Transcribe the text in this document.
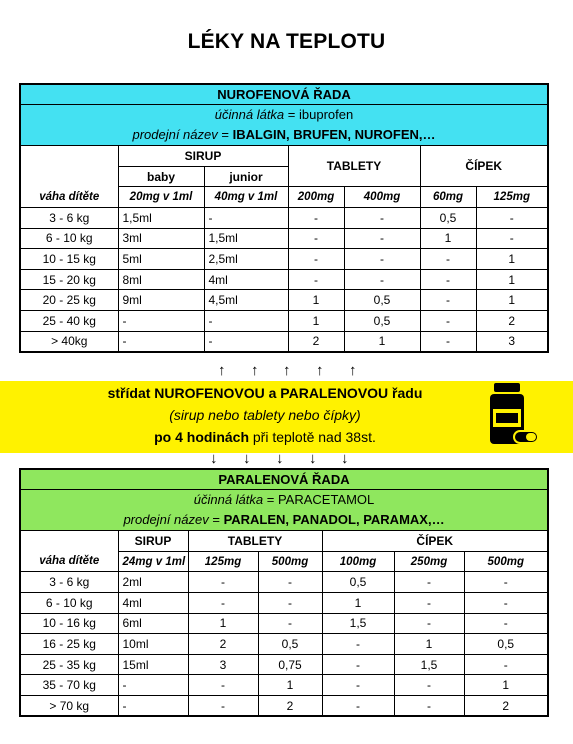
LÉKY NA TEPLOTU
NUROFENOVÁ ŘADA						
účinná látka = ibuprofen						
prodejní název = IBALGIN, BRUFEN, NUROFEN,…						
	SIRUP		TABLETY		ČÍPEK	
	baby	junior				
váha dítěte	20mg v 1ml	40mg v 1ml	200mg	400mg	60mg	125mg
3 - 6 kg	1,5ml	-	-	-	0,5	-
6 - 10 kg	3ml	1,5ml	-	-	1	-
10 - 15 kg	5ml	2,5ml	-	-	-	1
15 - 20 kg	8ml	4ml	-	-	-	1
20 - 25 kg	9ml	4,5ml	1	0,5	-	1
25 - 40 kg	-	-	1	0,5	-	2
> 40kg	-	-	2	1	-	3
↑ ↑ ↑ ↑ ↑
střídat NUROFENOVOU a PARALENOVOU řadu
(sirup nebo tablety nebo čípky)
po 4 hodinách při teplotě nad 38st.
↓ ↓ ↓ ↓ ↓
PARALENOVÁ ŘADA						
účinná látka = PARACETAMOL						
prodejní název = PARALEN, PANADOL, PARAMAX,…						
	SIRUP	TABLETY		ČÍPEK		
váha dítěte	24mg v 1ml	125mg	500mg	100mg	250mg	500mg
3 - 6 kg	2ml	-	-	0,5	-	-
6 - 10 kg	4ml	-	-	1	-	-
10 - 16 kg	6ml	1	-	1,5	-	-
16 - 25 kg	10ml	2	0,5	-	1	0,5
25 - 35 kg	15ml	3	0,75	-	1,5	-
35 - 70 kg	-	-	1	-	-	1
> 70 kg	-	-	2	-	-	2
